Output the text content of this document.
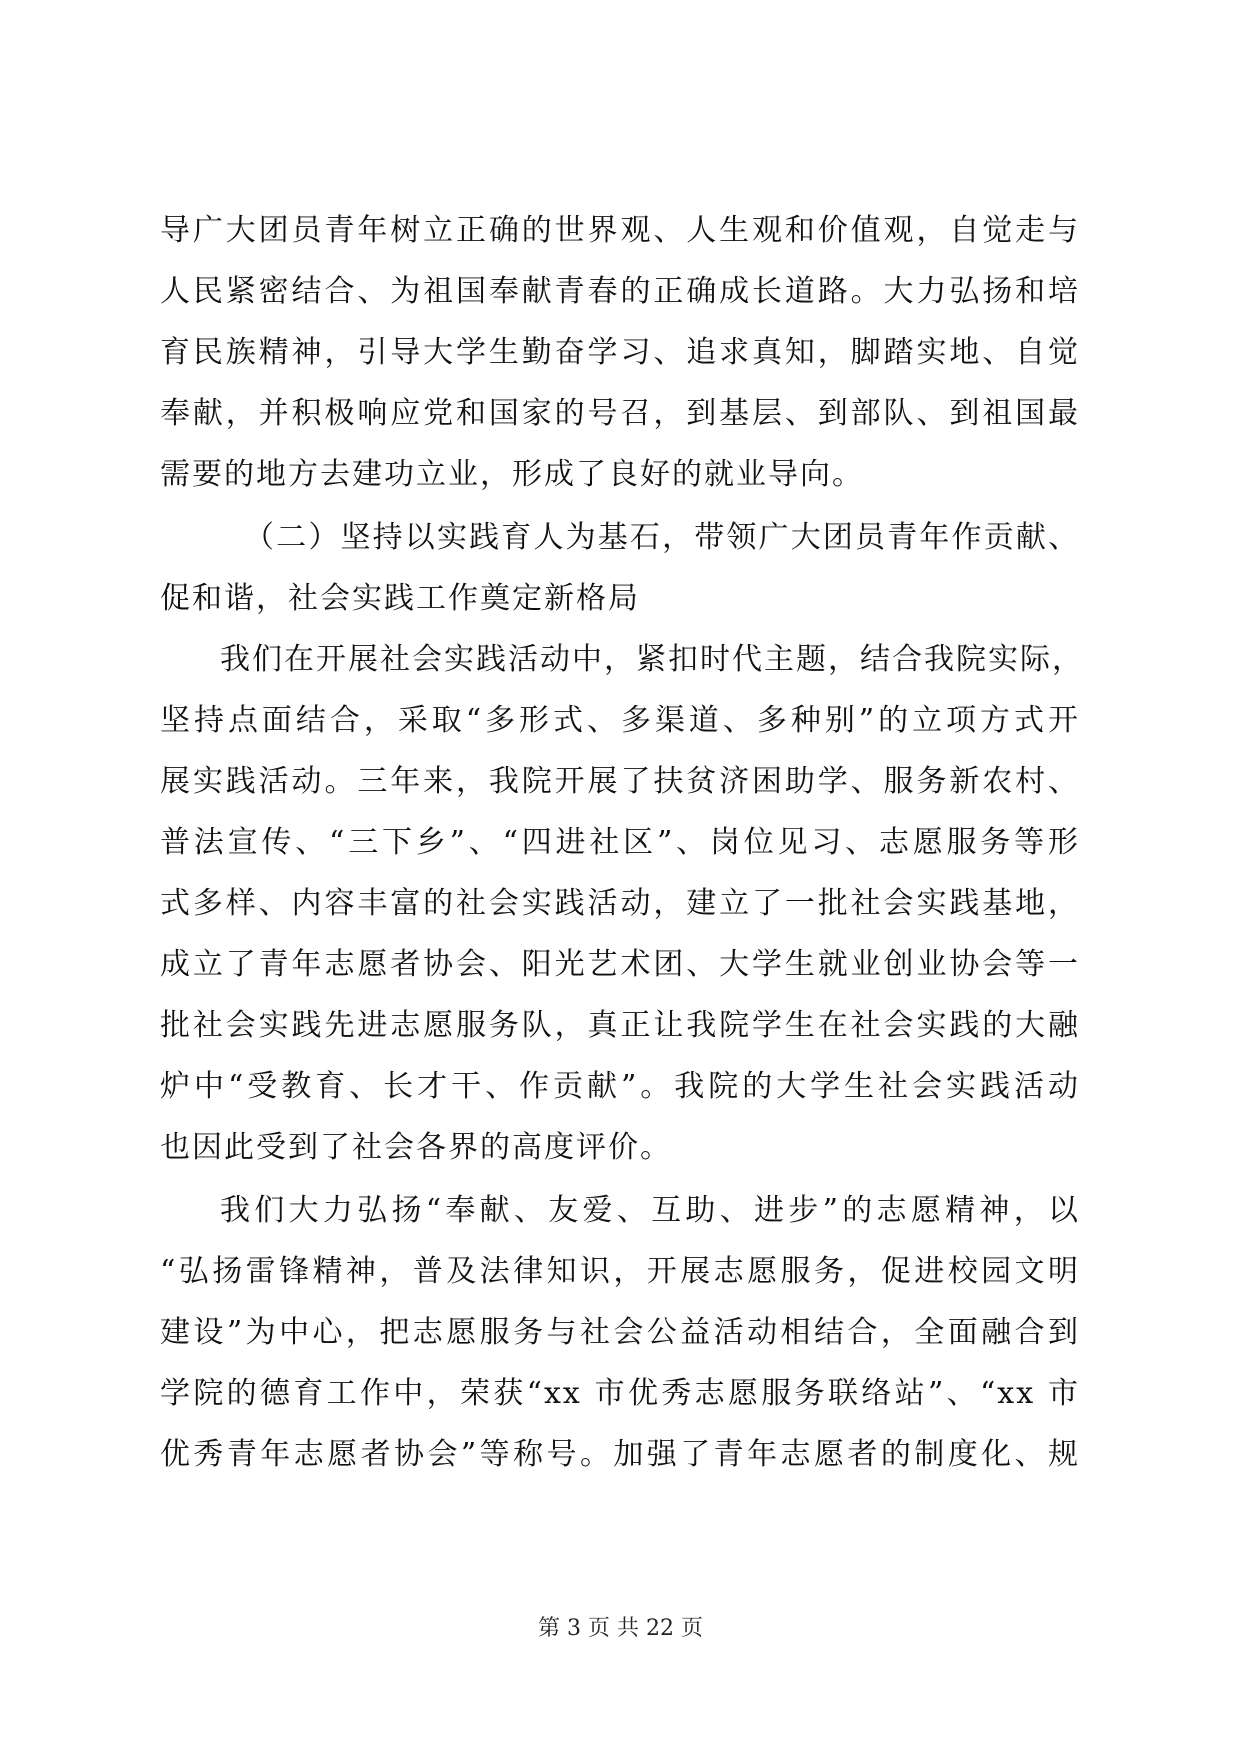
导广大团员青年树立正确的世界观、人生观和价值观，自觉走与
人民紧密结合、为祖国奉献青春的正确成长道路。大力弘扬和培
育民族精神，引导大学生勤奋学习、追求真知，脚踏实地、自觉
奉献，并积极响应党和国家的号召，到基层、到部队、到祖国最
需要的地方去建功立业，形成了良好的就业导向。
（二）坚持以实践育人为基石，带领广大团员青年作贡献、
促和谐，社会实践工作奠定新格局
我们在开展社会实践活动中，紧扣时代主题，结合我院实际，
坚持点面结合，采取“多形式、多渠道、多种别”的立项方式开
展实践活动。三年来，我院开展了扶贫济困助学、服务新农村、
普法宣传、“三下乡”、“四进社区”、岗位见习、志愿服务等形
式多样、内容丰富的社会实践活动，建立了一批社会实践基地，
成立了青年志愿者协会、阳光艺术团、大学生就业创业协会等一
批社会实践先进志愿服务队，真正让我院学生在社会实践的大融
炉中“受教育、长才干、作贡献”。我院的大学生社会实践活动
也因此受到了社会各界的高度评价。
我们大力弘扬“奉献、友爱、互助、进步”的志愿精神，以
“弘扬雷锋精神，普及法律知识，开展志愿服务，促进校园文明
建设”为中心，把志愿服务与社会公益活动相结合，全面融合到
学院的德育工作中，荣获“xx 市优秀志愿服务联络站”、“xx 市
优秀青年志愿者协会”等称号。加强了青年志愿者的制度化、规
第 3 页 共 22 页
